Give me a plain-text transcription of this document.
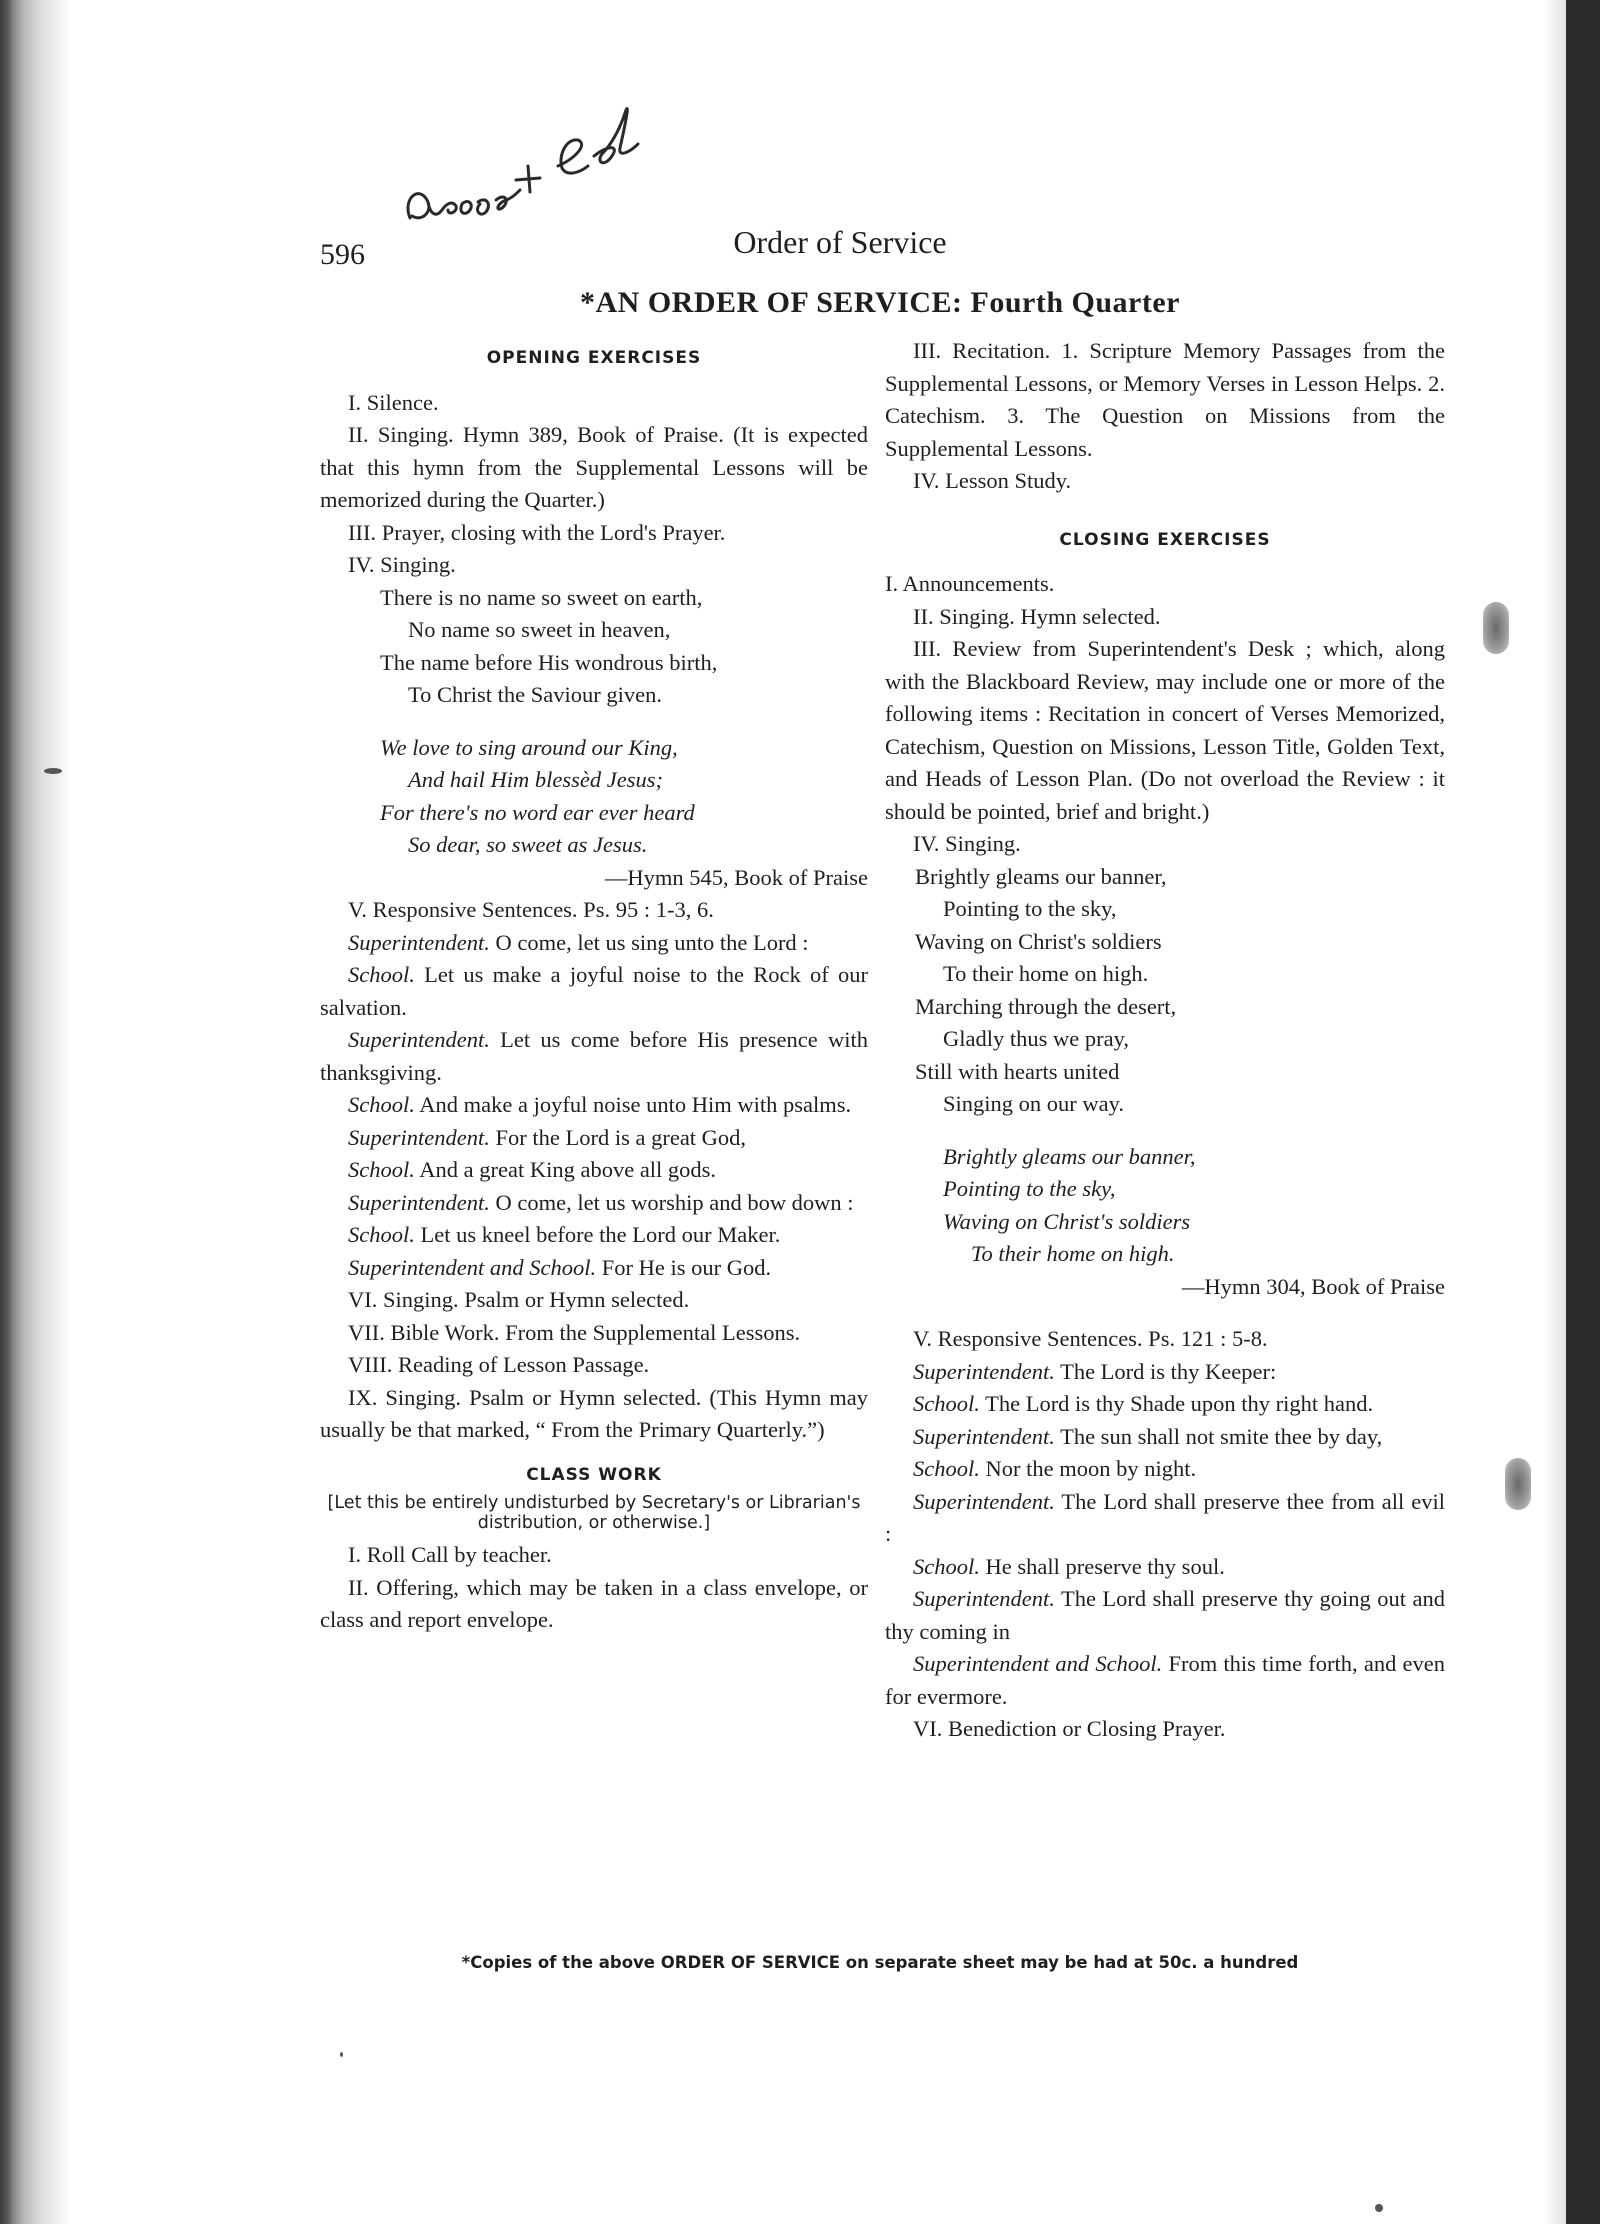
596	Order of Service
*AN ORDER OF SERVICE: Fourth Quarter

OPENING EXERCISES

I. Silence.

II. Singing. Hymn 389, Book of Praise. (It is expected that this hymn from the Supplemental Lessons will be memorized during the Quarter.)

III. Prayer, closing with the Lord's Prayer.

IV. Singing.

There is no name so sweet on earth,

No name so sweet in heaven,

The name before His wondrous birth,

To Christ the Saviour given.

We love to sing around our King,

And hail Him blessèd Jesus;

For there's no word ear ever heard

So dear, so sweet as Jesus.

—Hymn 545, Book of Praise

V. Responsive Sentences. Ps. 95 : 1-3, 6.

Superintendent. O come, let us sing unto the Lord :

School. Let us make a joyful noise to the Rock of our salvation.

Superintendent. Let us come before His presence with thanksgiving.

School. And make a joyful noise unto Him with psalms.

Superintendent. For the Lord is a great God,

School. And a great King above all gods.

Superintendent. O come, let us worship and bow down :

School. Let us kneel before the Lord our Maker.

Superintendent and School. For He is our God.

VI. Singing. Psalm or Hymn selected.

VII. Bible Work. From the Supplemental Lessons.

VIII. Reading of Lesson Passage.

IX. Singing. Psalm or Hymn selected. (This Hymn may usually be that marked, “ From the Primary Quarterly.”)

CLASS WORK

[Let this be entirely undisturbed by Secretary's or Librarian's distribution, or otherwise.]

I. Roll Call by teacher.

II. Offering, which may be taken in a class envelope, or class and report envelope.

III. Recitation. 1. Scripture Memory Passages from the Supplemental Lessons, or Memory Verses in Lesson Helps. 2. Catechism. 3. The Question on Missions from the Supplemental Lessons.

IV. Lesson Study.

CLOSING EXERCISES

I. Announcements.

II. Singing. Hymn selected.

III. Review from Superintendent's Desk ; which, along with the Blackboard Review, may include one or more of the following items : Recitation in concert of Verses Memorized, Catechism, Question on Missions, Lesson Title, Golden Text, and Heads of Lesson Plan. (Do not overload the Review : it should be pointed, brief and bright.)

IV. Singing.

Brightly gleams our banner,

Pointing to the sky,

Waving on Christ's soldiers

To their home on high.

Marching through the desert,

Gladly thus we pray,

Still with hearts united

Singing on our way.

Brightly gleams our banner,

Pointing to the sky,

Waving on Christ's soldiers

To their home on high.

—Hymn 304, Book of Praise

V. Responsive Sentences. Ps. 121 : 5-8.

Superintendent. The Lord is thy Keeper:

School. The Lord is thy Shade upon thy right hand.

Superintendent. The sun shall not smite thee by day,

School. Nor the moon by night.

Superintendent. The Lord shall preserve thee from all evil :

School. He shall preserve thy soul.

Superintendent. The Lord shall preserve thy going out and thy coming in

Superintendent and School. From this time forth, and even for evermore.

VI. Benediction or Closing Prayer.

*Copies of the above ORDER OF SERVICE on separate sheet may be had at 50c. a hundred
